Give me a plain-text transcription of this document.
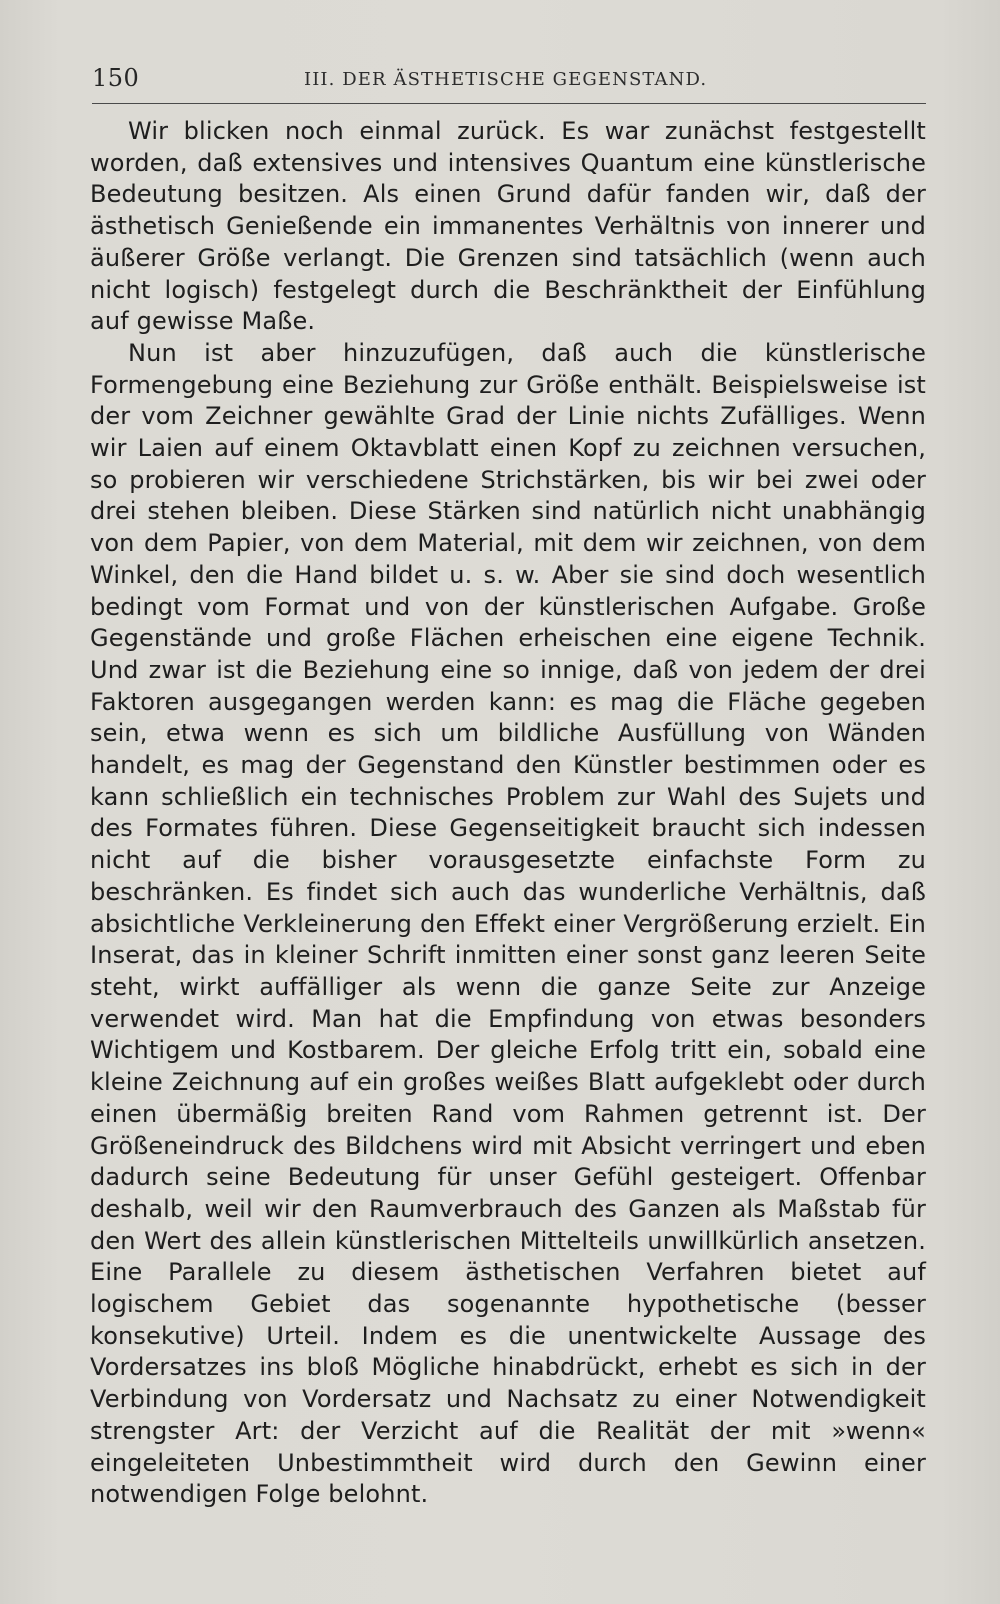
150	III. DER ÄSTHETISCHE GEGENSTAND.

Wir blicken noch einmal zurück. Es war zunächst festgestellt worden, daß extensives und intensives Quantum eine künstlerische Bedeutung besitzen. Als einen Grund dafür fanden wir, daß der ästhetisch Genießende ein immanentes Verhältnis von innerer und äußerer Größe verlangt. Die Grenzen sind tatsächlich (wenn auch nicht logisch) festgelegt durch die Beschränktheit der Einfühlung auf gewisse Maße.

Nun ist aber hinzuzufügen, daß auch die künstlerische Formengebung eine Beziehung zur Größe enthält. Beispielsweise ist der vom Zeichner gewählte Grad der Linie nichts Zufälliges. Wenn wir Laien auf einem Oktavblatt einen Kopf zu zeichnen versuchen, so probieren wir verschiedene Strichstärken, bis wir bei zwei oder drei stehen bleiben. Diese Stärken sind natürlich nicht unabhängig von dem Papier, von dem Material, mit dem wir zeichnen, von dem Winkel, den die Hand bildet u. s. w. Aber sie sind doch wesentlich bedingt vom Format und von der künstlerischen Aufgabe. Große Gegenstände und große Flächen erheischen eine eigene Technik. Und zwar ist die Beziehung eine so innige, daß von jedem der drei Faktoren ausgegangen werden kann: es mag die Fläche gegeben sein, etwa wenn es sich um bildliche Ausfüllung von Wänden handelt, es mag der Gegenstand den Künstler bestimmen oder es kann schließlich ein technisches Problem zur Wahl des Sujets und des Formates führen. Diese Gegenseitigkeit braucht sich indessen nicht auf die bisher vorausgesetzte einfachste Form zu beschränken. Es findet sich auch das wunderliche Verhältnis, daß absichtliche Verkleinerung den Effekt einer Vergrößerung erzielt. Ein Inserat, das in kleiner Schrift inmitten einer sonst ganz leeren Seite steht, wirkt auffälliger als wenn die ganze Seite zur Anzeige verwendet wird. Man hat die Empfindung von etwas besonders Wichtigem und Kostbarem. Der gleiche Erfolg tritt ein, sobald eine kleine Zeichnung auf ein großes weißes Blatt aufgeklebt oder durch einen übermäßig breiten Rand vom Rahmen getrennt ist. Der Größeneindruck des Bildchens wird mit Absicht verringert und eben dadurch seine Bedeutung für unser Gefühl gesteigert. Offenbar deshalb, weil wir den Raumverbrauch des Ganzen als Maßstab für den Wert des allein künstlerischen Mittelteils unwillkürlich ansetzen. Eine Parallele zu diesem ästhetischen Verfahren bietet auf logischem Gebiet das sogenannte hypothetische (besser konsekutive) Urteil. Indem es die unentwickelte Aussage des Vordersatzes ins bloß Mögliche hinabdrückt, erhebt es sich in der Verbindung von Vordersatz und Nachsatz zu einer Notwendigkeit strengster Art: der Verzicht auf die Realität der mit »wenn« eingeleiteten Unbestimmtheit wird durch den Gewinn einer notwendigen Folge belohnt.
